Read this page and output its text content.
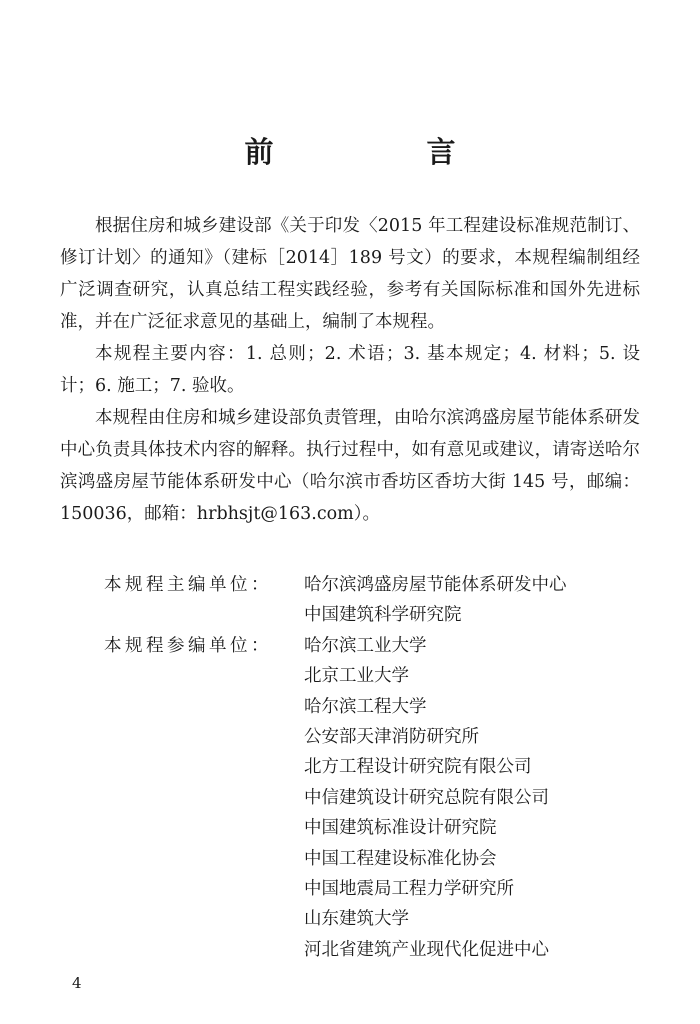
前　言

根据住房和城乡建设部《关于印发〈2015 年工程建设标准规范制订、修订计划〉的通知》（建标［2014］189 号文）的要求，本规程编制组经广泛调查研究，认真总结工程实践经验，参考有关国际标准和国外先进标准，并在广泛征求意见的基础上，编制了本规程。

本规程主要内容：1. 总则；2. 术语；3. 基本规定；4. 材料；5. 设计；6. 施工；7. 验收。

本规程由住房和城乡建设部负责管理，由哈尔滨鸿盛房屋节能体系研发中心负责具体技术内容的解释。执行过程中，如有意见或建议，请寄送哈尔滨鸿盛房屋节能体系研发中心（哈尔滨市香坊区香坊大街 145 号，邮编：150036，邮箱：hrbhsjt@163.com）。

本规程主编单位：	哈尔滨鸿盛房屋节能体系研发中心
中国建筑科学研究院
本规程参编单位：	哈尔滨工业大学
北京工业大学
哈尔滨工程大学
公安部天津消防研究所
北方工程设计研究院有限公司
中信建筑设计研究总院有限公司
中国建筑标准设计研究院
中国工程建设标准化协会
中国地震局工程力学研究所
山东建筑大学
河北省建筑产业现代化促进中心
4
